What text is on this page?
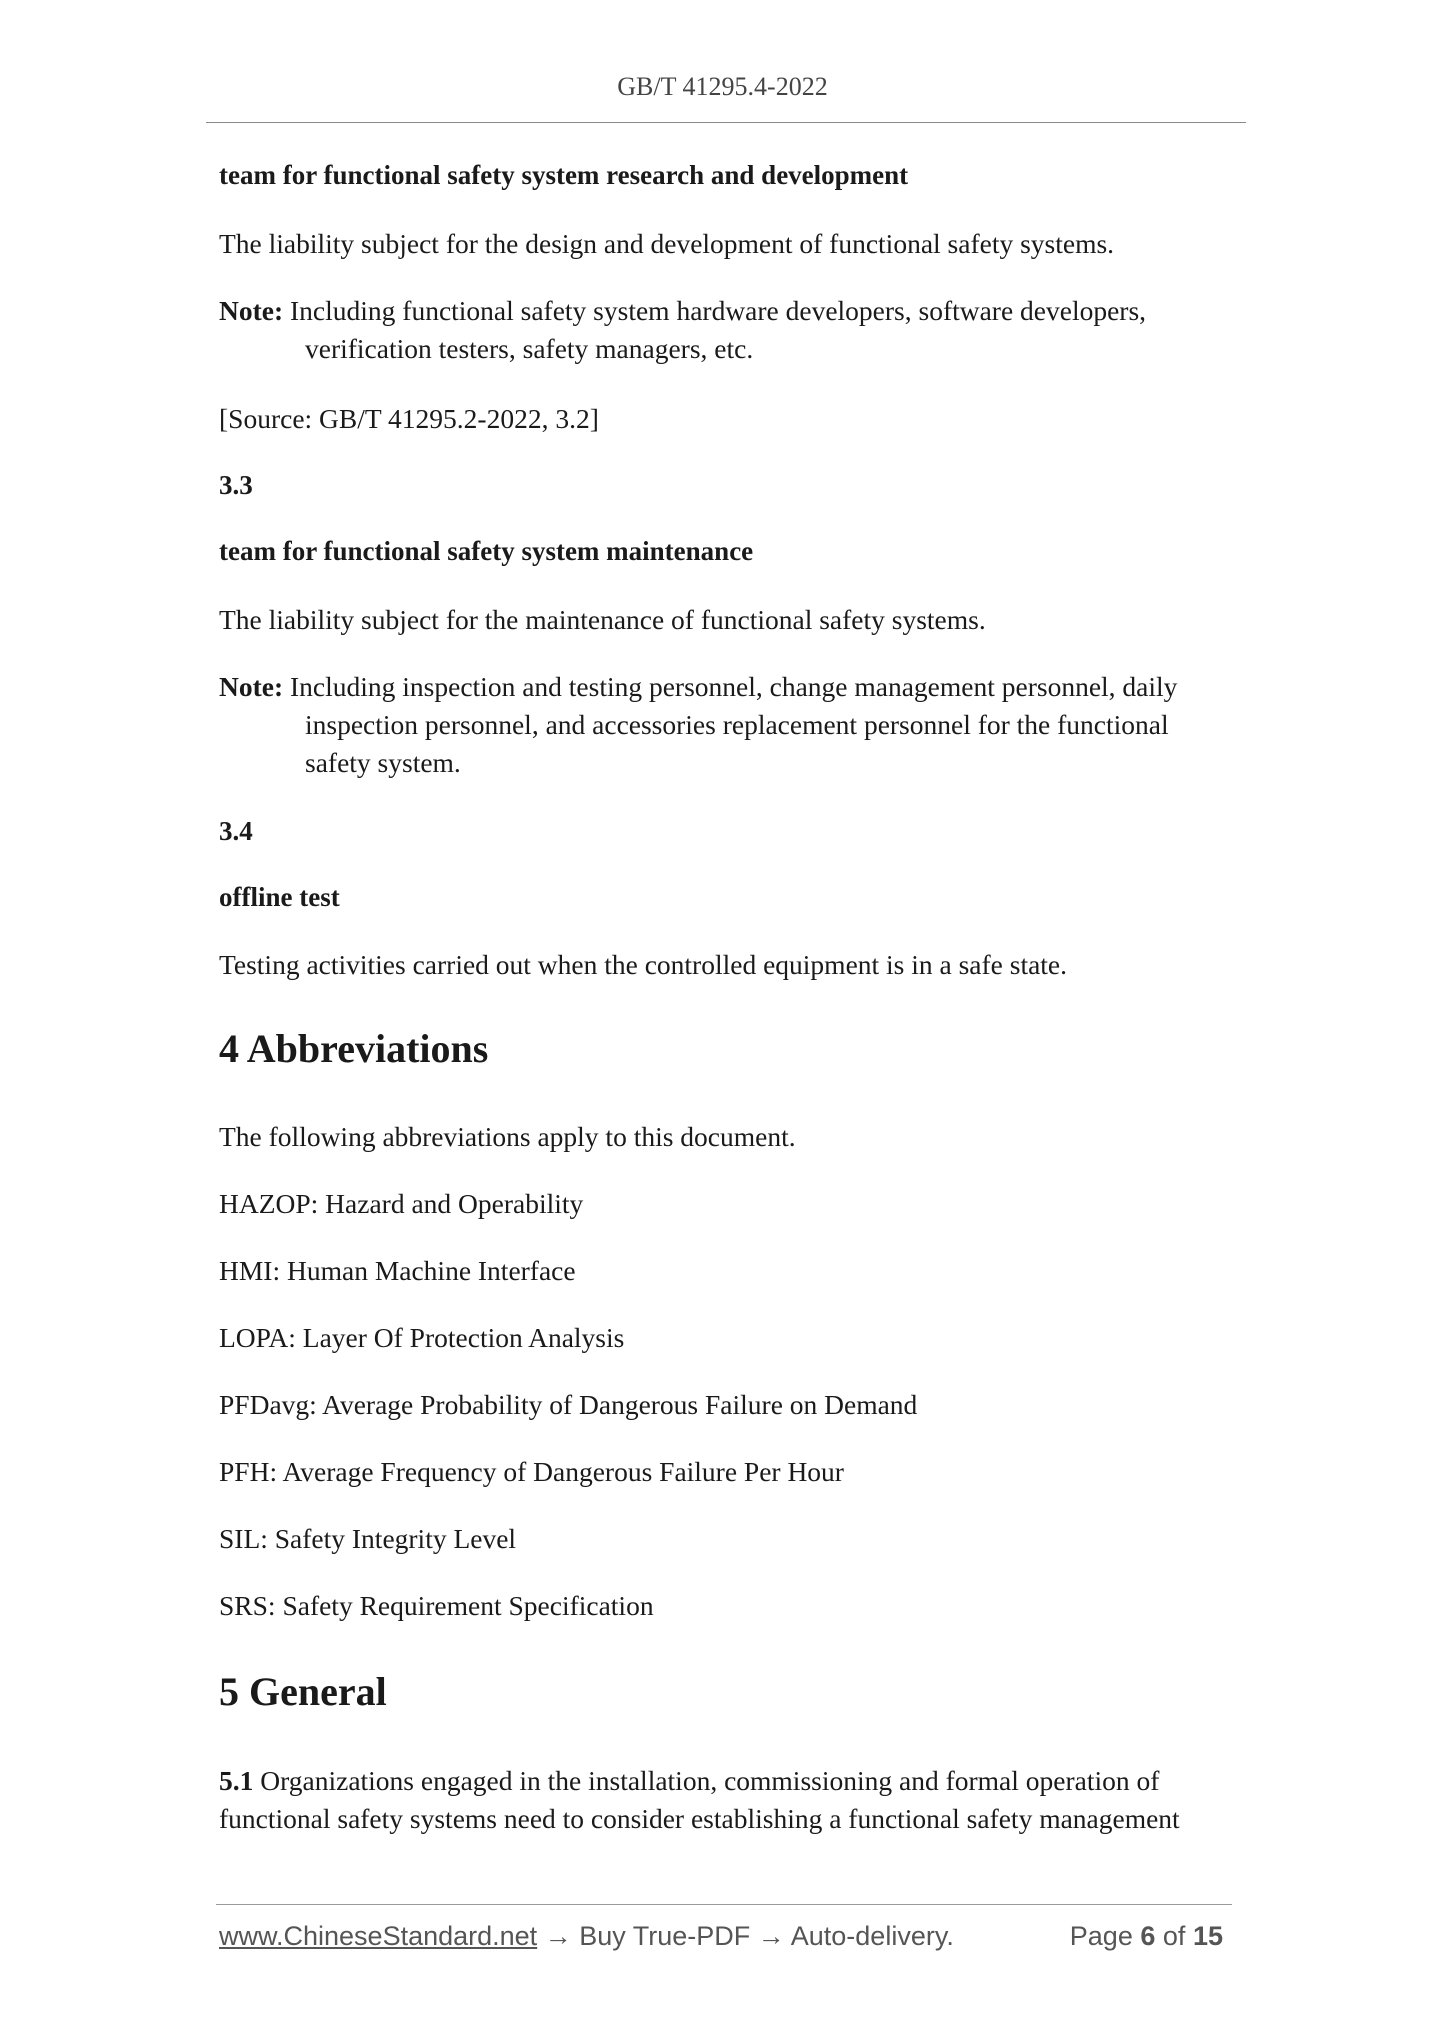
GB/T 41295.4-2022
team for functional safety system research and development
The liability subject for the design and development of functional safety systems.
Note: Including functional safety system hardware developers, software developers,
verification testers, safety managers, etc.
[Source: GB/T 41295.2-2022, 3.2]
3.3
team for functional safety system maintenance
The liability subject for the maintenance of functional safety systems.
Note: Including inspection and testing personnel, change management personnel, daily
inspection personnel, and accessories replacement personnel for the functional
safety system.
3.4
offline test
Testing activities carried out when the controlled equipment is in a safe state.
4 Abbreviations
The following abbreviations apply to this document.
HAZOP: Hazard and Operability
HMI: Human Machine Interface
LOPA: Layer Of Protection Analysis
PFDavg: Average Probability of Dangerous Failure on Demand
PFH: Average Frequency of Dangerous Failure Per Hour
SIL: Safety Integrity Level
SRS: Safety Requirement Specification
5 General
5.1 Organizations engaged in the installation, commissioning and formal operation of
functional safety systems need to consider establishing a functional safety management
www.ChineseStandard.net → Buy True-PDF → Auto-delivery.	Page 6 of 15
